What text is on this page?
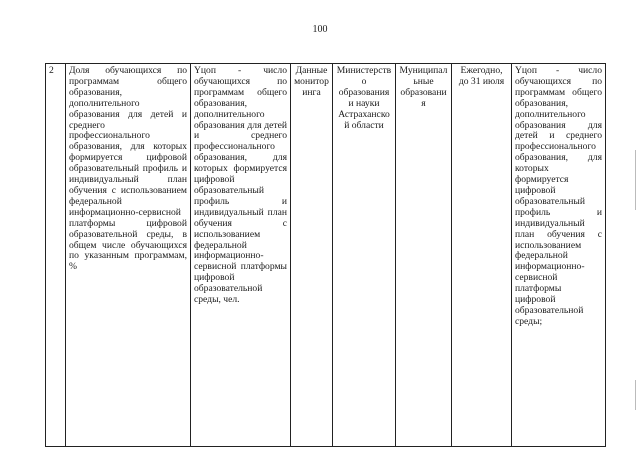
100
2	Доля обучающихся по программам общего образования, дополнительного образования для детей и среднего профессионального образования, для которых формируется цифровой образовательный профиль и индивидуальный план обучения с использованием федеральной информационно-сервисной платформы цифровой образовательной среды, в общем числе обучающихся по указанным программам, %	Yцоп - число обучающихся по программам общего образования, дополнительного образования для детей и среднего профессионального образования, для которых формируется цифровой образовательный профиль и индивидуальный план обучения с использованием федеральной информационно-сервисной платформы цифровой образовательной среды, чел.	Данные мониторинга	Министерство образования и науки Астраханской области	Муниципальные образования	Ежегодно, до 31 июля	Yцоп - число обучающихся по программам общего образования, дополнительного образования для детей и среднего профессионального образования, для которых формируется цифровой образовательный профиль и индивидуальный план обучения с использованием федеральной информационно-сервисной платформы цифровой образовательной среды;
